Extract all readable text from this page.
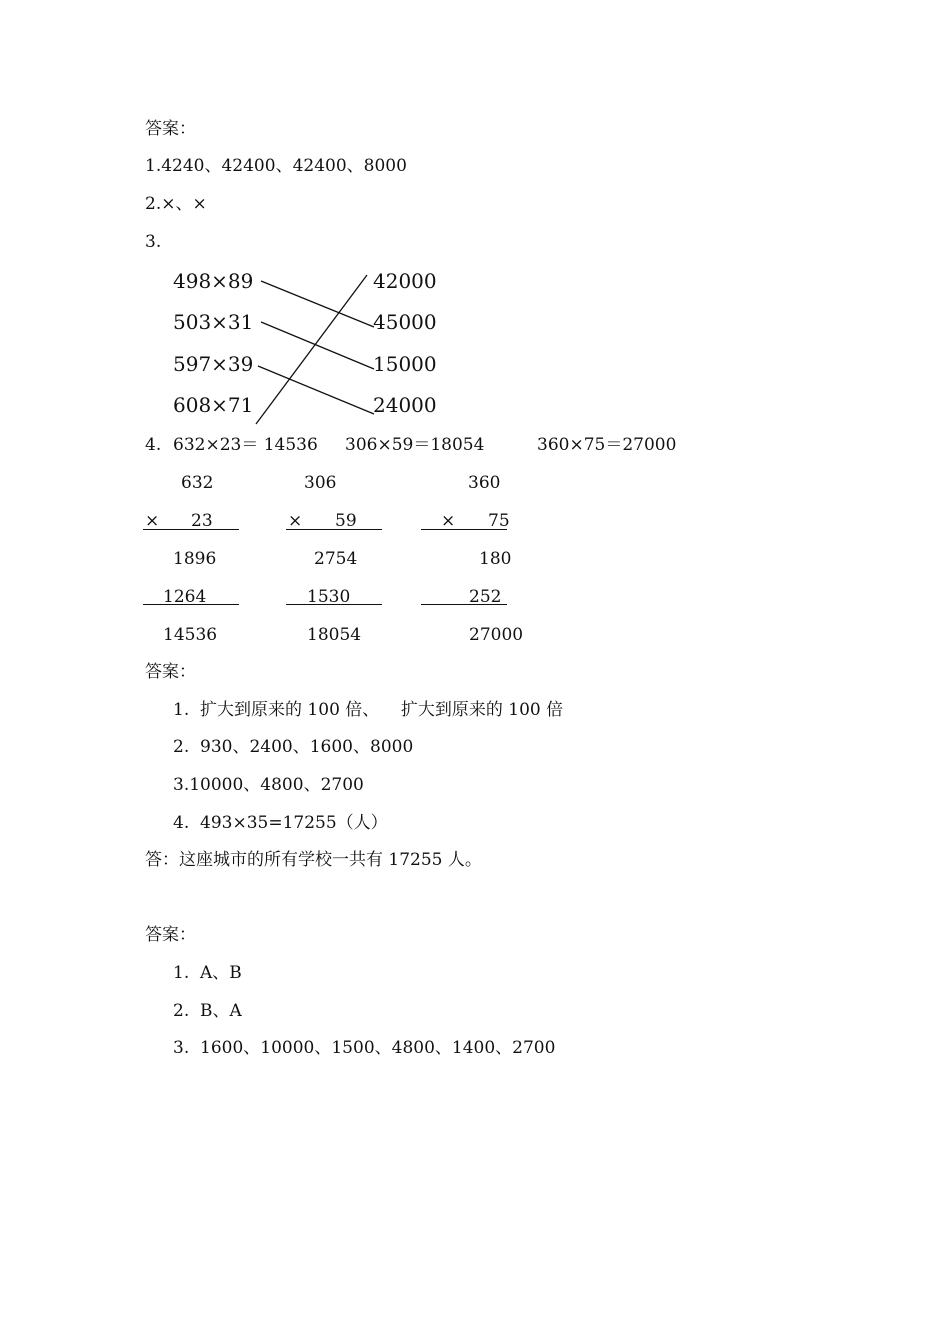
答案：
1.4240、42400、42400、8000
2.×、×
3.
498×89
503×31
597×39
608×71
42000
45000
15000
24000
4. 632×23＝ 14536 306×59＝18054	360×75＝27000
632
× 23
1896
1264
14536
306
× 59
2754
1530
18054
360
× 75
180
252
27000
答案：
1.  扩大到原来的 100 倍、    扩大到原来的 100 倍
2.  930、2400、1600、8000
3.10000、4800、2700
4.  493×35=17255（人）
答：这座城市的所有学校一共有 17255 人。
答案：
1.  A、B
2.  B、A
3.  1600、10000、1500、4800、1400、2700
